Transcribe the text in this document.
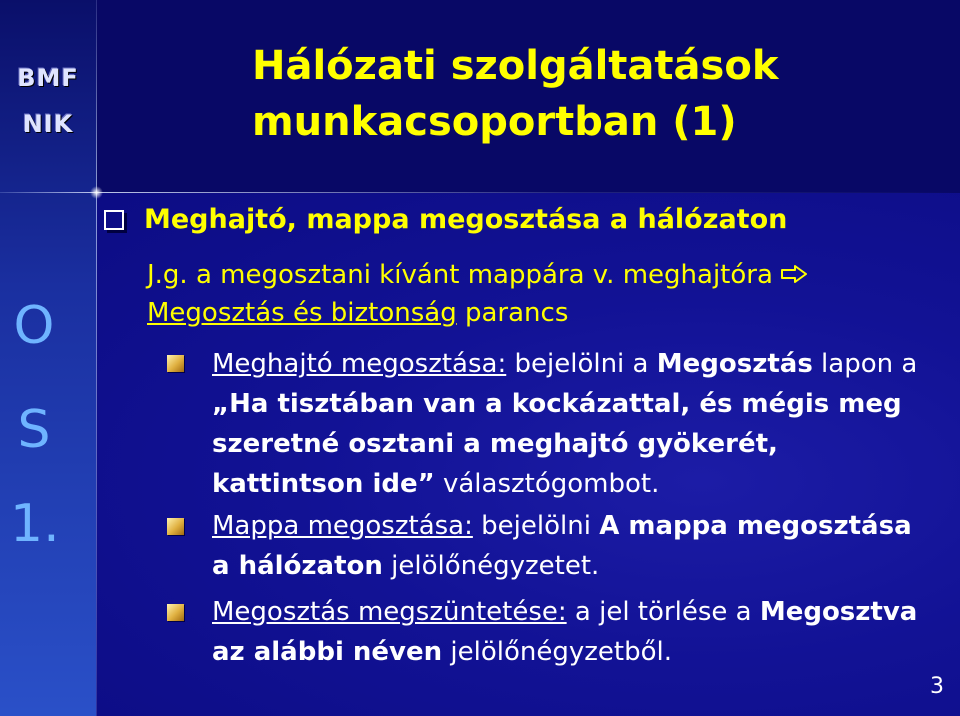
BMF
NIK
O
S
1.
Hálózati szolgáltatások
munkacsoportban (1)
Meghajtó, mappa megosztása a hálózaton
J.g. a megosztani kívánt mappára v. meghajtóra
Megosztás és biztonság parancs

Meghajtó megosztása: bejelölni a Megosztás lapon a „Ha tisztában van a kockázattal, és mégis meg szeretné osztani a meghajtó gyökerét, kattintson ide” választógombot.

Mappa megosztása: bejelölni A mappa megosztása a hálózaton jelölőnégyzetet.

Megosztás megszüntetése: a jel törlése a Megosztva az alábbi néven jelölőnégyzetből.

3
